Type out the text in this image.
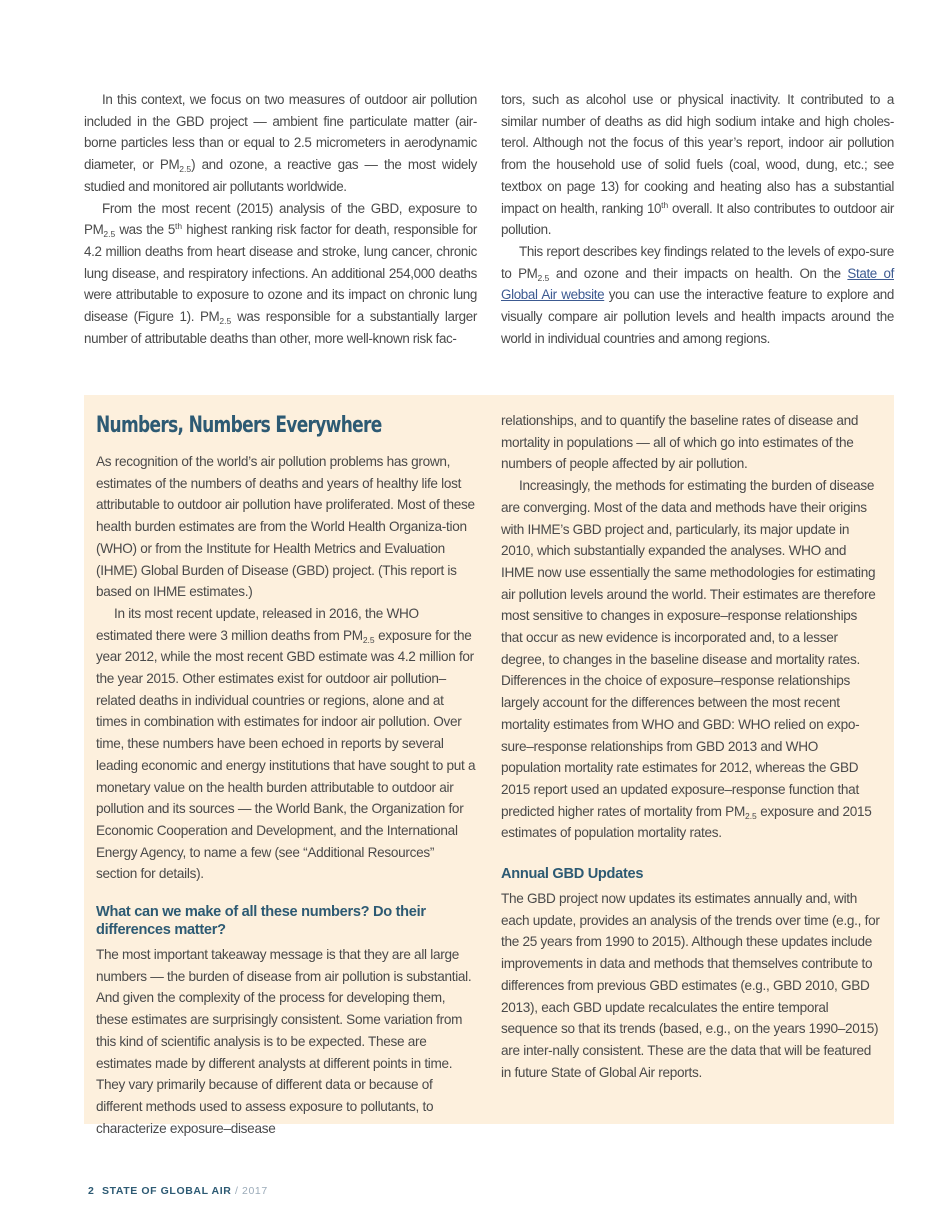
In this context, we focus on two measures of outdoor air pollution included in the GBD project — ambient fine particulate matter (air-borne particles less than or equal to 2.5 micrometers in aerodynamic diameter, or $PM_{2.5}$) and ozone, a reactive gas — the most widely studied and monitored air pollutants worldwide.

From the most recent (2015) analysis of the GBD, exposure to $PM_{2.5}$ was the 5th highest ranking risk factor for death, responsible for 4.2 million deaths from heart disease and stroke, lung cancer, chronic lung disease, and respiratory infections. An additional 254,000 deaths were attributable to exposure to ozone and its impact on chronic lung disease (Figure 1). $PM_{2.5}$ was responsible for a substantially larger number of attributable deaths than other, more well-known risk fac-

tors, such as alcohol use or physical inactivity. It contributed to a similar number of deaths as did high sodium intake and high choles-terol. Although not the focus of this year’s report, indoor air pollution from the household use of solid fuels (coal, wood, dung, etc.; see textbox on page 13) for cooking and heating also has a substantial impact on health, ranking 10th overall. It also contributes to outdoor air pollution.

This report describes key findings related to the levels of expo-sure to $PM_{2.5}$ and ozone and their impacts on health. On the State of Global Air website you can use the interactive feature to explore and visually compare air pollution levels and health impacts around the world in individual countries and among regions.

Numbers, Numbers Everywhere

As recognition of the world’s air pollution problems has grown, estimates of the numbers of deaths and years of healthy life lost attributable to outdoor air pollution have proliferated. Most of these health burden estimates are from the World Health Organiza-tion (WHO) or from the Institute for Health Metrics and Evaluation (IHME) Global Burden of Disease (GBD) project. (This report is based on IHME estimates.)

In its most recent update, released in 2016, the WHO estimated there were 3 million deaths from $PM_{2.5}$ exposure for the year 2012, while the most recent GBD estimate was 4.2 million for the year 2015. Other estimates exist for outdoor air pollution–related deaths in individual countries or regions, alone and at times in combination with estimates for indoor air pollution. Over time, these numbers have been echoed in reports by several leading economic and energy institutions that have sought to put a monetary value on the health burden attributable to outdoor air pollution and its sources — the World Bank, the Organization for Economic Cooperation and Development, and the International Energy Agency, to name a few (see “Additional Resources” section for details).

What can we make of all these numbers? Do their differences matter?

The most important takeaway message is that they are all large numbers — the burden of disease from air pollution is substantial. And given the complexity of the process for developing them, these estimates are surprisingly consistent. Some variation from this kind of scientific analysis is to be expected. These are estimates made by different analysts at different points in time. They vary primarily because of different data or because of different methods used to assess exposure to pollutants, to characterize exposure–disease

relationships, and to quantify the baseline rates of disease and mortality in populations — all of which go into estimates of the numbers of people affected by air pollution.

Increasingly, the methods for estimating the burden of disease are converging. Most of the data and methods have their origins with IHME’s GBD project and, particularly, its major update in 2010, which substantially expanded the analyses. WHO and IHME now use essentially the same methodologies for estimating air pollution levels around the world. Their estimates are therefore most sensitive to changes in exposure–response relationships that occur as new evidence is incorporated and, to a lesser degree, to changes in the baseline disease and mortality rates. Differences in the choice of exposure–response relationships largely account for the differences between the most recent mortality estimates from WHO and GBD: WHO relied on expo-sure–response relationships from GBD 2013 and WHO population mortality rate estimates for 2012, whereas the GBD 2015 report used an updated exposure–response function that predicted higher rates of mortality from $PM_{2.5}$ exposure and 2015 estimates of population mortality rates.

Annual GBD Updates

The GBD project now updates its estimates annually and, with each update, provides an analysis of the trends over time (e.g., for the 25 years from 1990 to 2015). Although these updates include improvements in data and methods that themselves contribute to differences from previous GBD estimates (e.g., GBD 2010, GBD 2013), each GBD update recalculates the entire temporal sequence so that its trends (based, e.g., on the years 1990–2015) are inter-nally consistent. These are the data that will be featured in future State of Global Air reports.

2 STATE OF GLOBAL AIR / 2017
